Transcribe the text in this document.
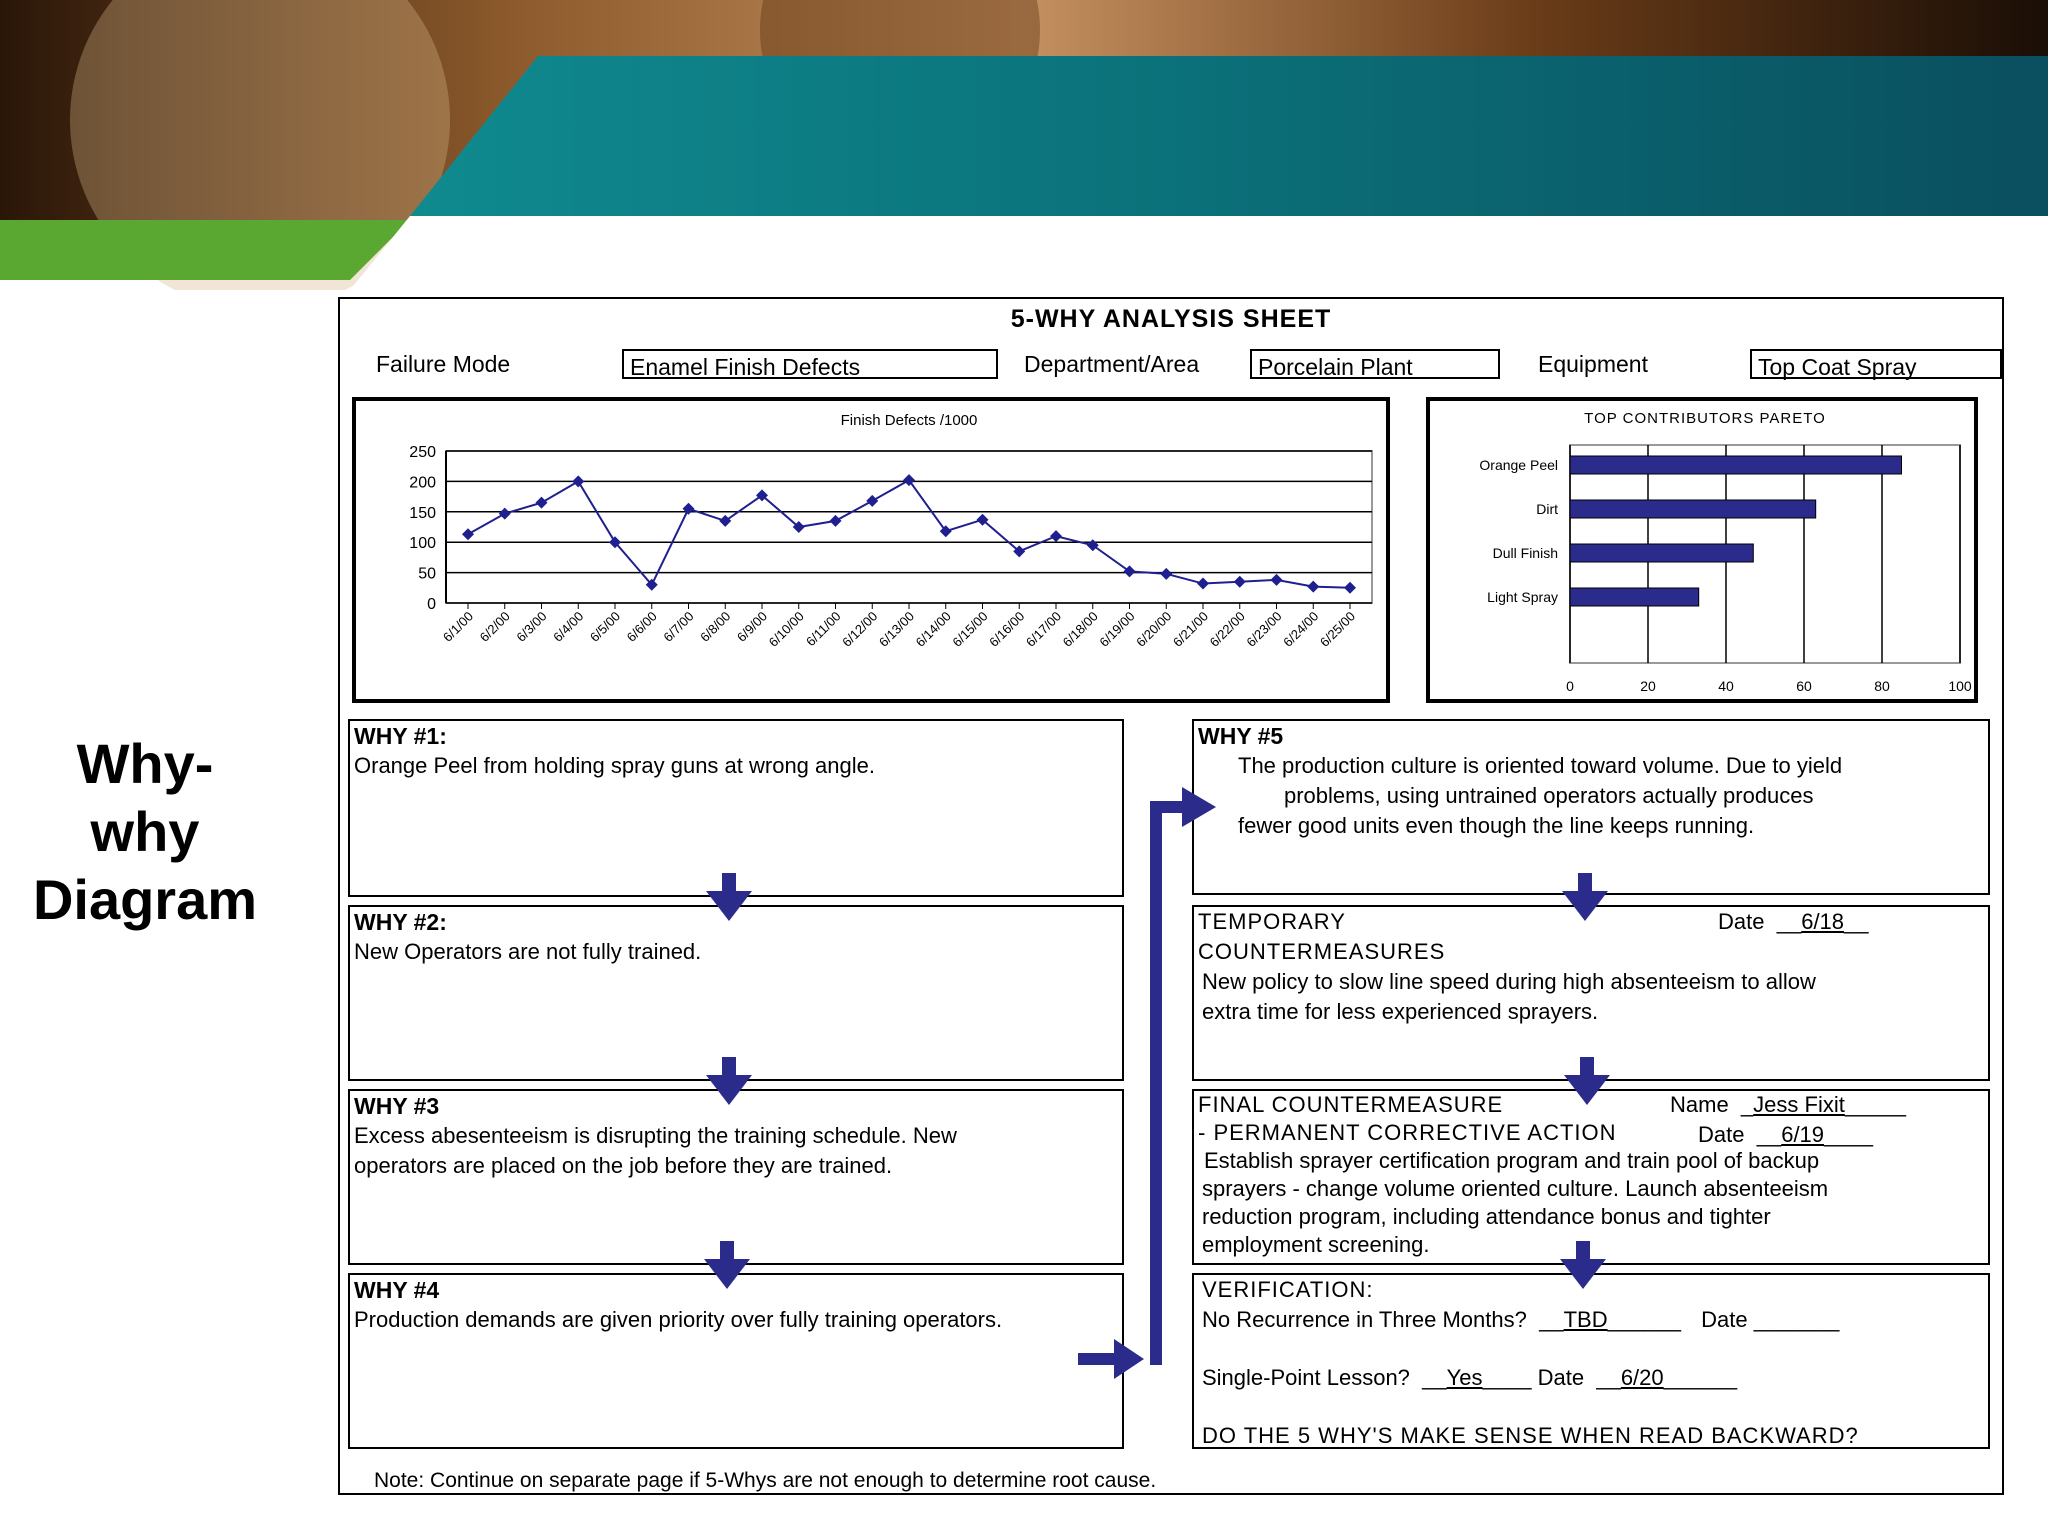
Why-
why
Diagram
5-WHY ANALYSIS SHEET
Failure Mode	Enamel Finish Defects	Department/Area	Porcelain Plant	Equipment	Top Coat Spray
Finish Defects /1000
0
50
100
150
200
250
6/1/00 6/2/00 6/3/00 6/4/00 6/5/00 6/6/00 6/7/00 6/8/00 6/9/00
6/10/00
6/11/00
6/12/00
6/13/00
6/14/00
6/15/00
6/16/00
6/17/00
6/18/00
6/19/00
6/20/00
6/21/00
6/22/00
6/23/00
6/24/00
6/25/00
TOP CONTRIBUTORS PARETO
0	20	40	60	80	100
Orange Peel
Dirt
Dull Finish
Light Spray
WHY #1:
Orange Peel from holding spray guns at wrong angle.
WHY #2:
New Operators are not fully trained.
WHY #3
Excess abesenteeism is disrupting the training schedule. New
operators are placed on the job before they are trained.
WHY #4
Production demands are given priority over fully training operators.
WHY #5
The production culture is oriented toward volume. Due to yield
problems, using untrained operators actually produces
fewer good units even though the line keeps running.
TEMPORARY
COUNTERMEASURES
New policy to slow line speed during high absenteeism to allow
extra time for less experienced sprayers.
Date  __6/18__
FINAL COUNTERMEASURE
- PERMANENT CORRECTIVE ACTION
Establish sprayer certification program and train pool of backup
sprayers - change volume oriented culture. Launch absenteeism
reduction program, including attendance bonus and tighter
employment screening.
Name  _Jess Fixit_____
Date  __6/19____
VERIFICATION:
No Recurrence in Three Months?  __TBD______ Date _______
Single-Point Lesson?  __Yes____ Date  __6/20______
DO THE 5 WHY'S MAKE SENSE WHEN READ BACKWARD?
Note: Continue on separate page if 5-Whys are not enough to determine root cause.
